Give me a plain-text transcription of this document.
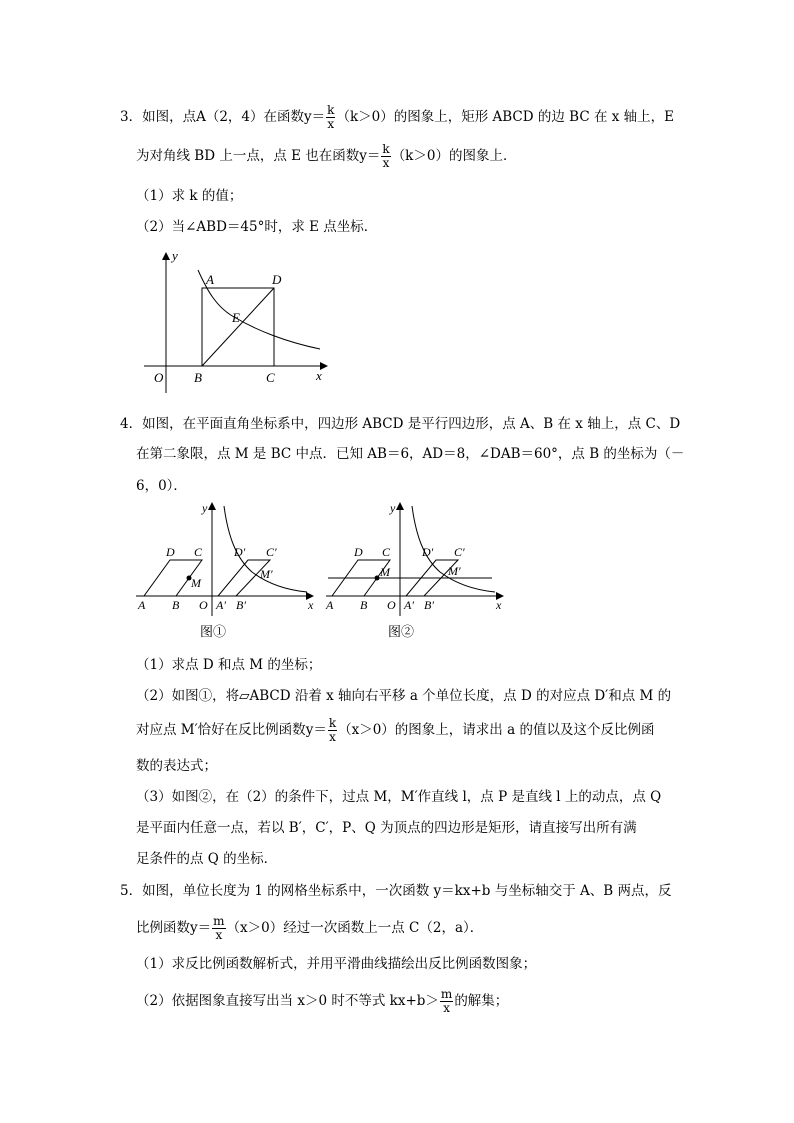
3．如图，点A（2，4）在函数$y= \frac{k}{x} (k>0)$的图象上，矩形 ABCD 的边 BC 在 x 轴上，E
为对角线 BD 上一点，点 E 也在函数$y= \frac{k}{x} (k>0)$的图象上．
（1）求 k 的值；
（2）当∠ABD＝45°时，求 E 点坐标．
y
x
O
A	D
B	C
E
4．如图，在平面直角坐标系中，四边形 ABCD 是平行四边形，点 A、B 在 x 轴上，点 C、D
在第二象限，点 M 是 BC 中点．已知 AB＝6，AD＝8，∠DAB＝60°，点 B 的坐标为（－
6，0）．
y
x
O
A B
D C
M
A′ B′
D′ C′
M′
图①
y
x
O
A B
D C
M
A′ B′
D′ C′
M′
图②
（1）求点 D 和点 M 的坐标；
（2）如图①，将▱ABCD 沿着 x 轴向右平移 a 个单位长度，点 D 的对应点 D′和点 M 的
对应点 M′恰好在反比例函数$y= \frac{k}{x} (x>0)$的图象上，请求出 a 的值以及这个反比例函
数的表达式；
（3）如图②，在（2）的条件下，过点 M，M′作直线 l，点 P 是直线 l 上的动点，点 Q
是平面内任意一点，若以 B′，C′，P、Q 为顶点的四边形是矩形，请直接写出所有满
足条件的点 Q 的坐标．
5．如图，单位长度为 1 的网格坐标系中，一次函数 y＝kx+b 与坐标轴交于 A、B 两点，反
比例函数$y= \frac{m}{x} (x>0)$经过一次函数上一点 C（2，a）．
（1）求反比例函数解析式，并用平滑曲线描绘出反比例函数图象；
（2）依据图象直接写出当 x＞0 时不等式 $kx+b> \frac{m}{x}$ 的解集；
